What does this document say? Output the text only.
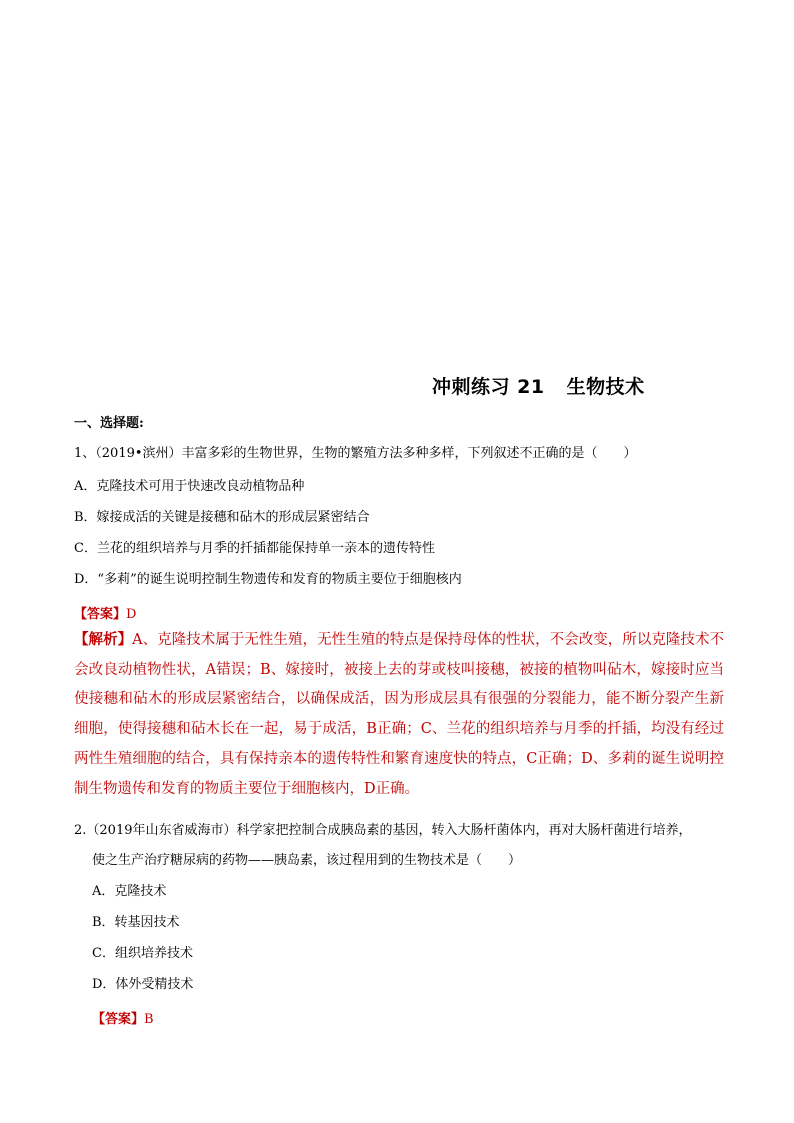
冲刺练习 21 生物技术
一、选择题:
1、（2019•滨州）丰富多彩的生物世界，生物的繁殖方法多种多样，下列叙述不正确的是（　　）
A．克隆技术可用于快速改良动植物品种
B．嫁接成活的关键是接穗和砧木的形成层紧密结合
C．兰花的组织培养与月季的扦插都能保持单一亲本的遗传特性
D．“多莉”的诞生说明控制生物遗传和发育的物质主要位于细胞核内
【答案】D
【解析】A、克隆技术属于无性生殖，无性生殖的特点是保持母体的性状，不会改变，所以克隆技术不会改良动植物性状，A错误；B、嫁接时，被接上去的芽或枝叫接穗，被接的植物叫砧木，嫁接时应当使接穗和砧木的形成层紧密结合，以确保成活，因为形成层具有很强的分裂能力，能不断分裂产生新细胞，使得接穗和砧木长在一起，易于成活，B正确；C、兰花的组织培养与月季的扦插，均没有经过两性生殖细胞的结合，具有保持亲本的遗传特性和繁育速度快的特点，C正确；D、多莉的诞生说明控制生物遗传和发育的物质主要位于细胞核内，D正确。
2.（2019年山东省威海市）科学家把控制合成胰岛素的基因，转入大肠杆菌体内，再对大肠杆菌进行培养，
使之生产治疗糖尿病的药物——胰岛素，该过程用到的生物技术是（　　）
A．克隆技术
B．转基因技术
C．组织培养技术
D．体外受精技术
【答案】B
